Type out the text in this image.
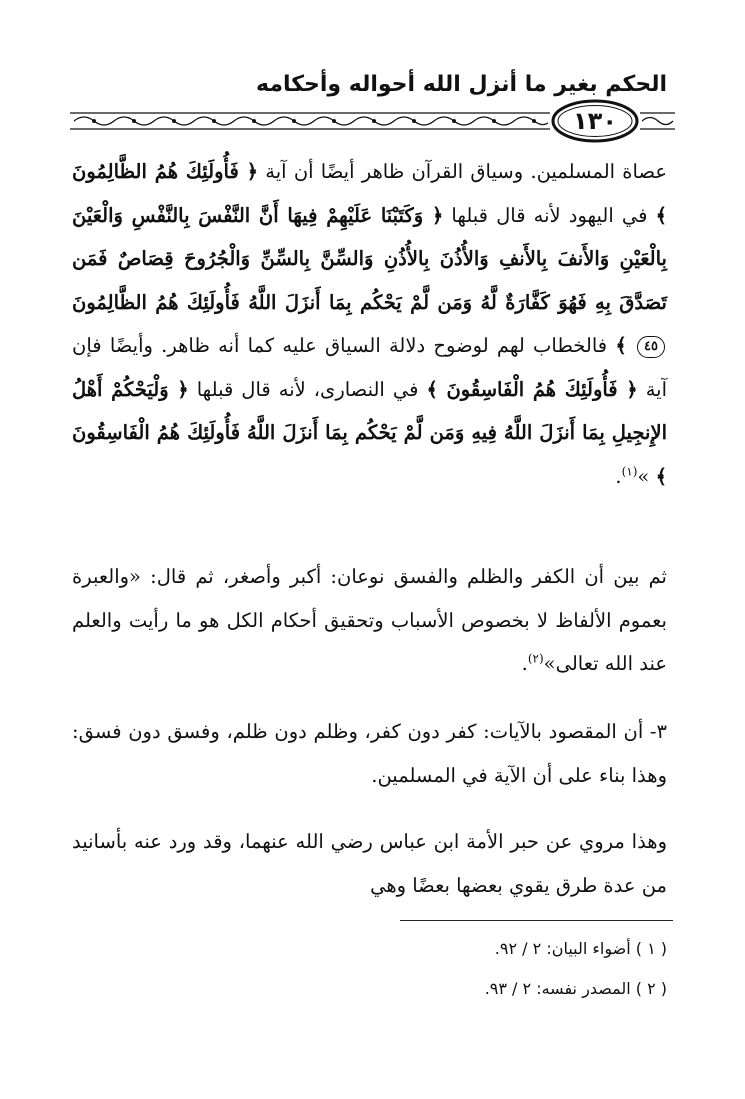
الحكم بغير ما أنزل الله أحواله وأحكامه
١٣٠
عصاة المسلمين. وسياق القرآن ظاهر أيضًا أن آية ﴿ فَأُولَئِكَ هُمُ الظَّالِمُونَ ﴾ في اليهود لأنه قال قبلها ﴿ وَكَتَبْنَا عَلَيْهِمْ فِيهَا أَنَّ النَّفْسَ بِالنَّفْسِ وَالْعَيْنَ بِالْعَيْنِ وَالأَنفَ بِالأَنفِ وَالأُذُنَ بِالأُذُنِ وَالسِّنَّ بِالسِّنِّ وَالْجُرُوحَ قِصَاصٌ فَمَن تَصَدَّقَ بِهِ فَهُوَ كَفَّارَةٌ لَّهُ وَمَن لَّمْ يَحْكُم بِمَا أَنزَلَ اللَّهُ فَأُولَئِكَ هُمُ الظَّالِمُونَ ٤٥ ﴾ فالخطاب لهم لوضوح دلالة السياق عليه كما أنه ظاهر. وأيضًا فإن آية ﴿ فَأُولَئِكَ هُمُ الْفَاسِقُونَ ﴾ في النصارى، لأنه قال قبلها ﴿ وَلْيَحْكُمْ أَهْلُ الإِنجِيلِ بِمَا أَنزَلَ اللَّهُ فِيهِ وَمَن لَّمْ يَحْكُم بِمَا أَنزَلَ اللَّهُ فَأُولَئِكَ هُمُ الْفَاسِقُونَ ﴾ »$^{(١)}$.
ثم بين أن الكفر والظلم والفسق نوعان: أكبر وأصغر، ثم قال: «والعبرة بعموم الألفاظ لا بخصوص الأسباب وتحقيق أحكام الكل هو ما رأيت والعلم عند الله تعالى»$^{(٢)}$.
٣- أن المقصود بالآيات: كفر دون كفر، وظلم دون ظلم، وفسق دون فسق: وهذا بناء على أن الآية في المسلمين.
وهذا مروي عن حبر الأمة ابن عباس رضي الله عنهما، وقد ورد عنه بأسانيد من عدة طرق يقوي بعضها بعضًا وهي
( ١ ) أضواء البيان: ٢ / ٩٢.
( ٢ ) المصدر نفسه: ٢ / ٩٣.
